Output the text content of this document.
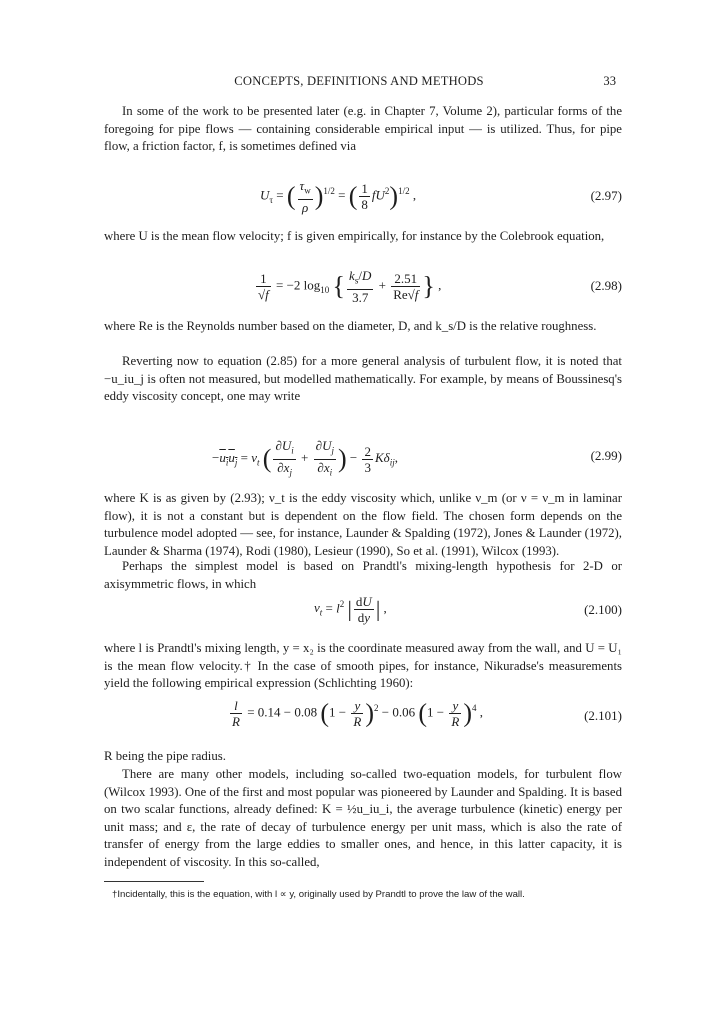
CONCEPTS, DEFINITIONS AND METHODS	33
In some of the work to be presented later (e.g. in Chapter 7, Volume 2), particular forms of the foregoing for pipe flows — containing considerable empirical input — is utilized. Thus, for pipe flow, a friction factor, f, is sometimes defined via
$U_\tau$ = ( $\frac{\tau_w}{\rho} )^{1/2}$ = ( $\frac{1}{8} fU^2)^{1/2}$ ,	(2.97)
where U is the mean flow velocity; f is given empirically, for instance by the Colebrook equation,
$\frac{1}{√f} = -2$ $\log_{10}$ { $\frac{k_s/D}{3.7} + \frac{2.51}{Re√f}$ } ,	(2.98)
where Re is the Reynolds number based on the diameter, D, and k_s/D is the relative roughness.
Reverting now to equation (2.85) for a more general analysis of turbulent flow, it is noted that −u_iu_j is often not measured, but modelled mathematically. For example, by means of Boussinesq's eddy viscosity concept, one may write
$-u_iu_j = \nu_t$ ( $\frac{\partial U_i}{\partial x_j} + \frac{\partial U_j}{\partial x_i}$ ) − $\frac{2}{3} K\delta_{ij}$,	(2.99)
where K is as given by (2.93); ν_t is the eddy viscosity which, unlike ν_m (or ν = ν_m in laminar flow), it is not a constant but is dependent on the flow field. The chosen form depends on the turbulence model adopted — see, for instance, Launder & Spalding (1972), Jones & Launder (1972), Launder & Sharma (1974), Rodi (1980), Lesieur (1990), So et al. (1991), Wilcox (1993).
Perhaps the simplest model is based on Prandtl's mixing-length hypothesis for 2-D or axisymmetric flows, in which
$\nu_t = l^2$ | $\frac{dU}{dy}$ | ,	(2.100)
where l is Prandtl's mixing length, y = x₂ is the coordinate measured away from the wall, and U = U₁ is the mean flow velocity.† In the case of smooth pipes, for instance, Nikuradse's measurements yield the following empirical expression (Schlichting 1960):
$\frac{l}{R} = 0.14 - 0.08$ $(1 - \frac{y}{R} )^2 - 0.06$ $(1 - \frac{y}{R} )^4$ ,	(2.101)
R being the pipe radius.
There are many other models, including so-called two-equation models, for turbulent flow (Wilcox 1993). One of the first and most popular was pioneered by Launder and Spalding. It is based on two scalar functions, already defined: K = ½u_iu_i, the average turbulence (kinetic) energy per unit mass; and ε, the rate of decay of turbulence energy per unit mass, which is also the rate of transfer of energy from the large eddies to smaller ones, and hence, in this latter capacity, it is independent of viscosity. In this so-called,
†Incidentally, this is the equation, with l ∝ y, originally used by Prandtl to prove the law of the wall.
